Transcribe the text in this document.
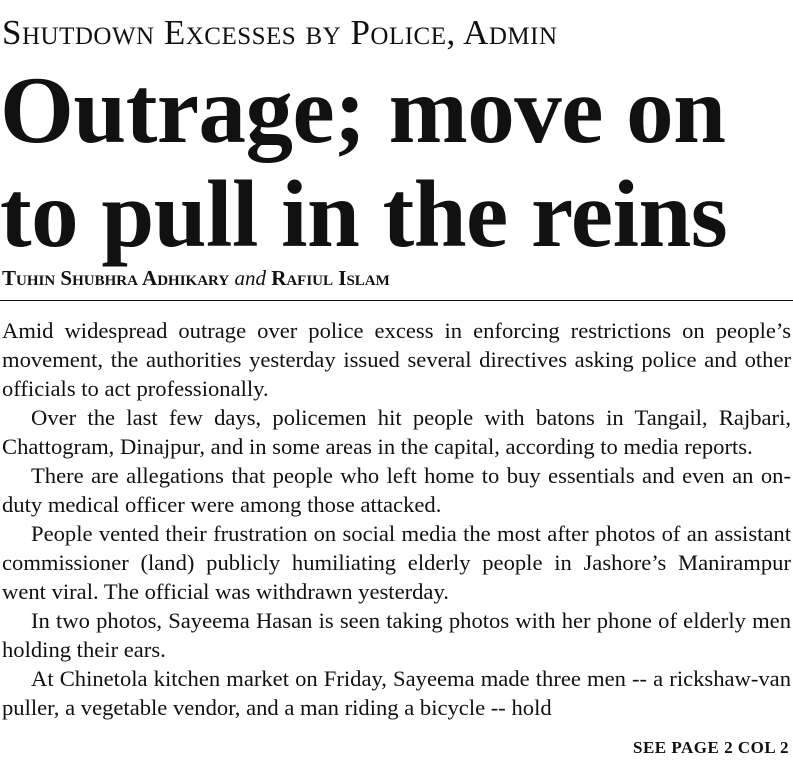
Shutdown Excesses by Police, Admin
Outrage; move on
to pull in the reins
Tuhin Shubhra Adhikary and Rafiul Islam

Amid widespread outrage over police excess in enforcing restrictions on people’s movement, the authorities yesterday issued several directives asking police and other officials to act professionally.

Over the last few days, policemen hit people with batons in Tangail, Rajbari, Chattogram, Dinajpur, and in some areas in the capital, according to media reports.

There are allegations that people who left home to buy essentials and even an on-duty medical officer were among those attacked.

People vented their frustration on social media the most after photos of an assistant commissioner (land) publicly humiliating elderly people in Jashore’s Manirampur went viral. The official was withdrawn yesterday.

In two photos, Sayeema Hasan is seen taking photos with her phone of elderly men holding their ears.

At Chinetola kitchen market on Friday, Sayeema made three men -- a rickshaw-van puller, a vegetable vendor, and a man riding a bicycle -- hold

SEE PAGE 2 COL 2
